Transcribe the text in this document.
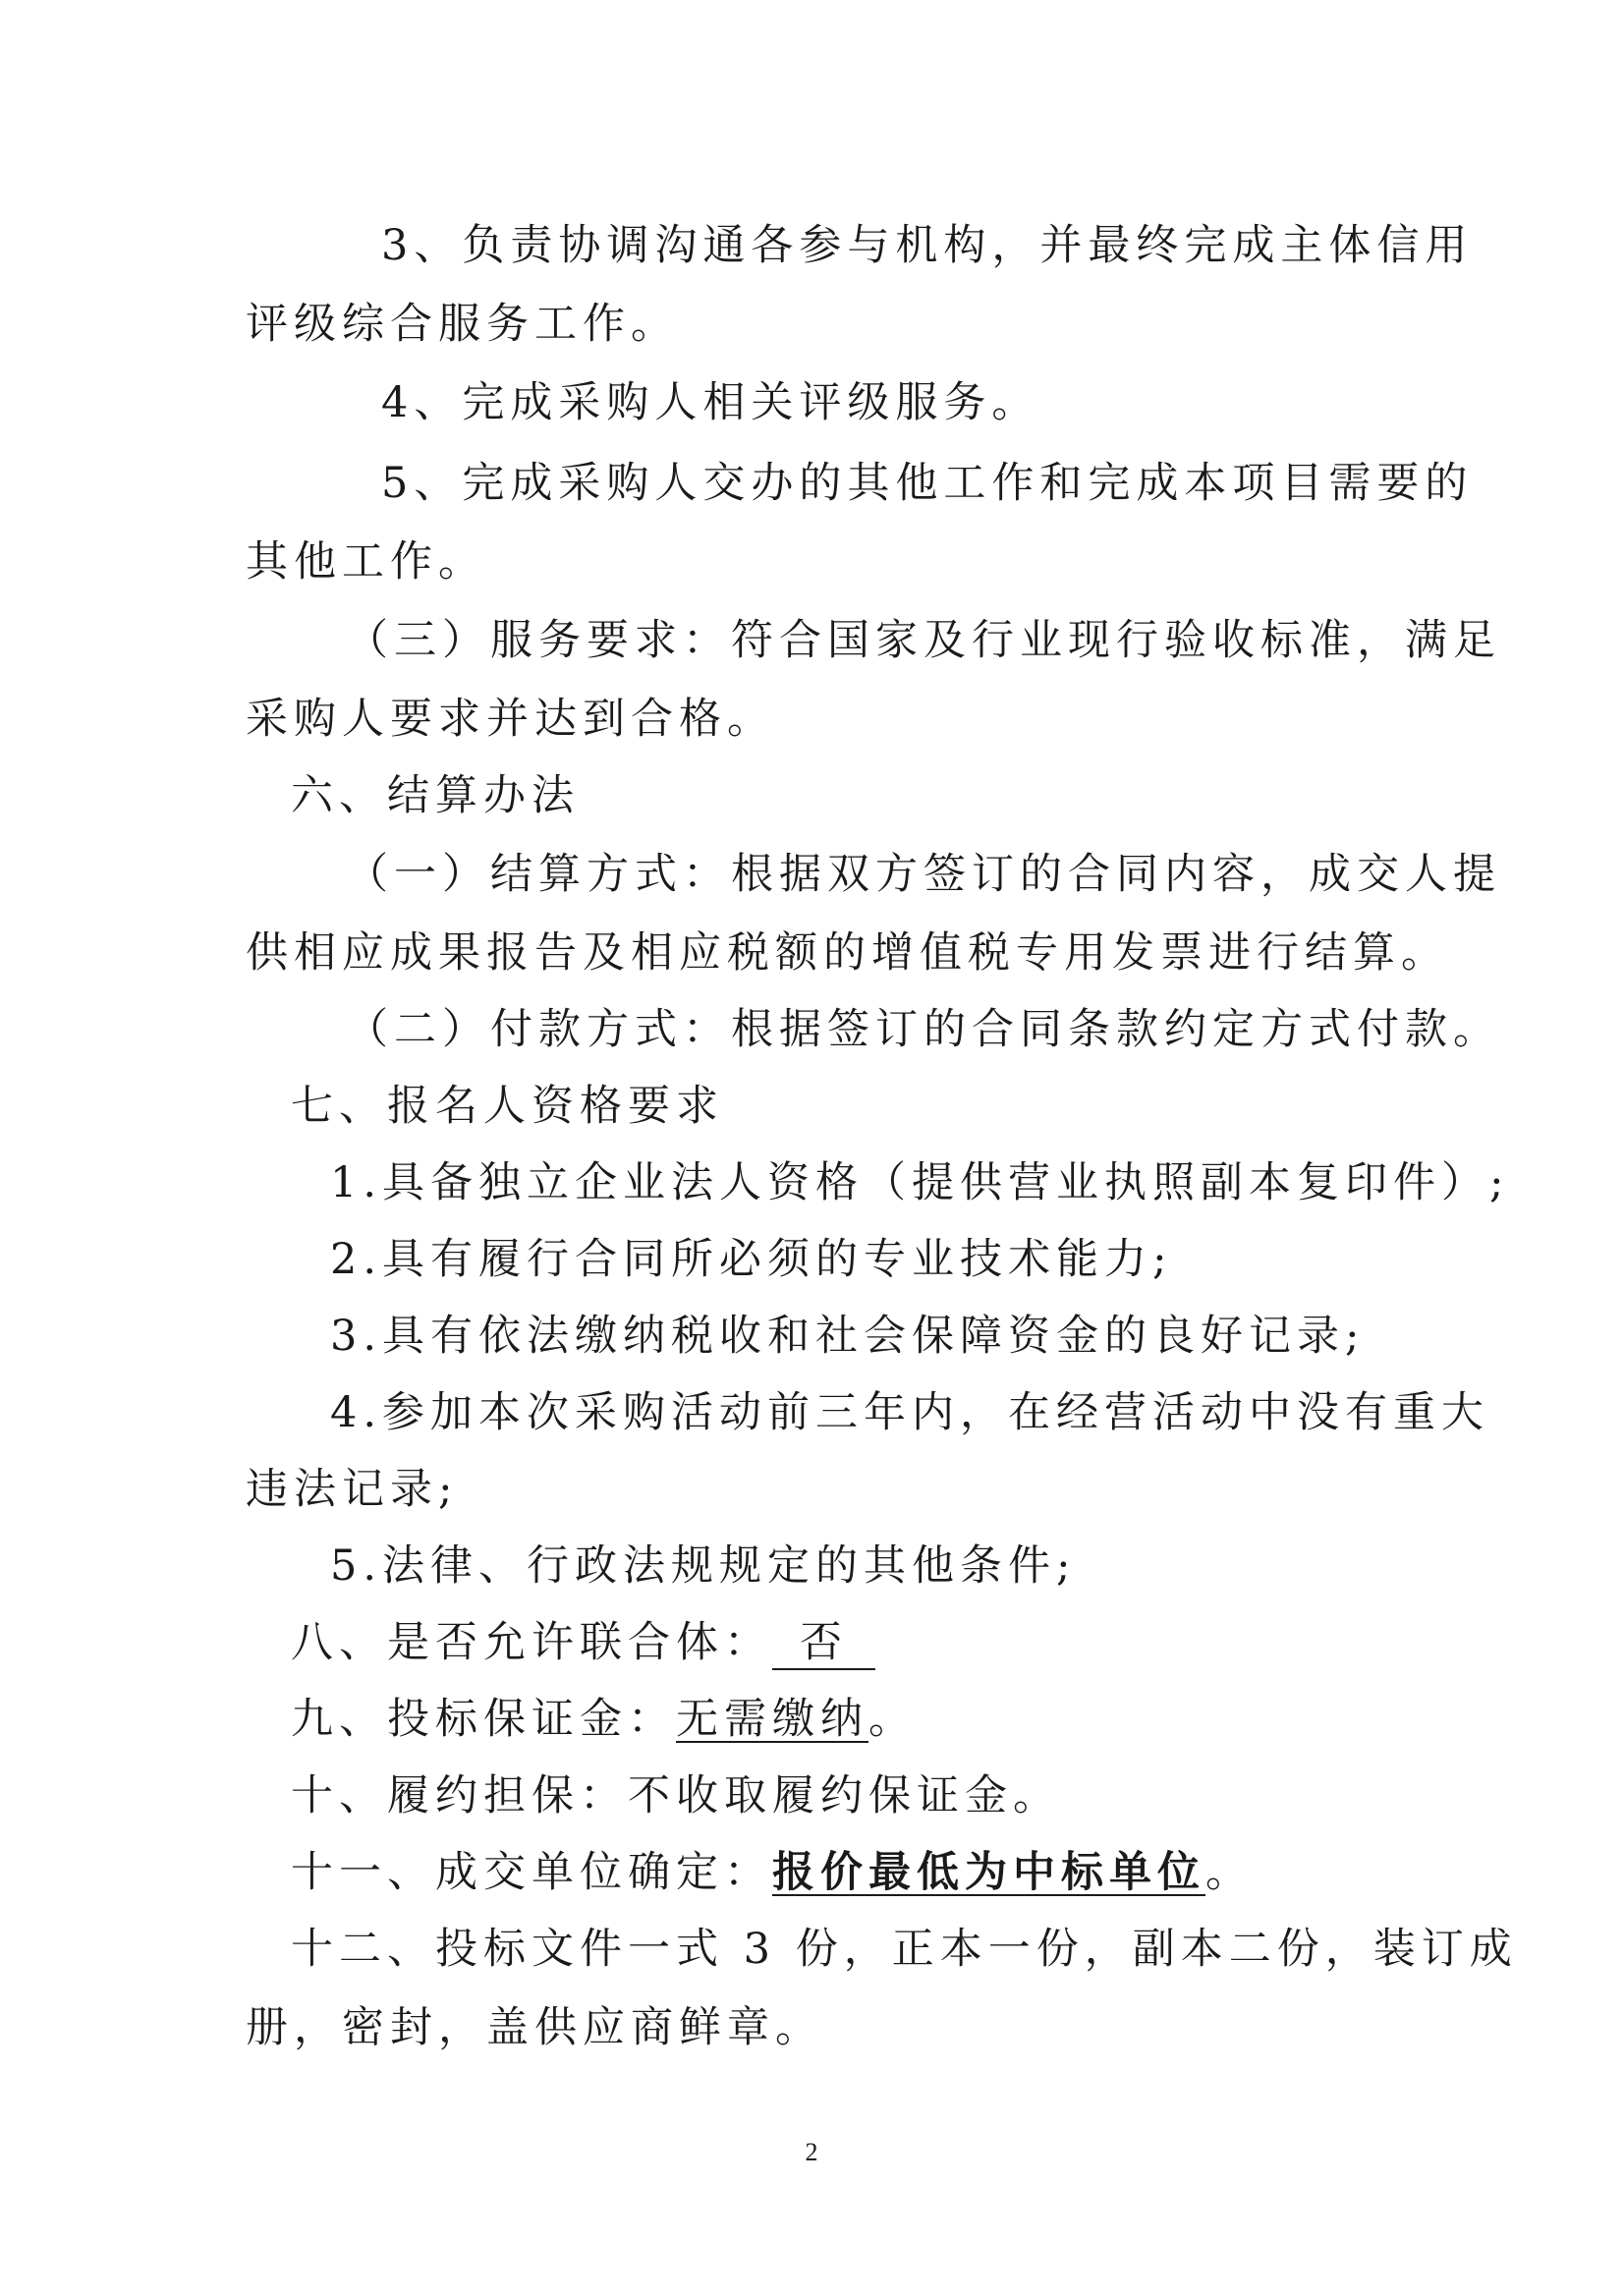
3、负责协调沟通各参与机构，并最终完成主体信用
评级综合服务工作。
4、完成采购人相关评级服务。
5、完成采购人交办的其他工作和完成本项目需要的
其他工作。
（三）服务要求：符合国家及行业现行验收标准，满足
采购人要求并达到合格。
六、结算办法
（一）结算方式：根据双方签订的合同内容，成交人提
供相应成果报告及相应税额的增值税专用发票进行结算。
（二）付款方式：根据签订的合同条款约定方式付款。
七、报名人资格要求
1.具备独立企业法人资格（提供营业执照副本复印件）;
2.具有履行合同所必须的专业技术能力;
3.具有依法缴纳税收和社会保障资金的良好记录;
4.参加本次采购活动前三年内，在经营活动中没有重大
违法记录;
5.法律、行政法规规定的其他条件;
八、是否允许联合体： 否
九、投标保证金：无需缴纳。
十、履约担保：不收取履约保证金。
十一、成交单位确定：报价最低为中标单位。
十二、投标文件一式 3 份，正本一份，副本二份，装订成
册，密封，盖供应商鲜章。
2
